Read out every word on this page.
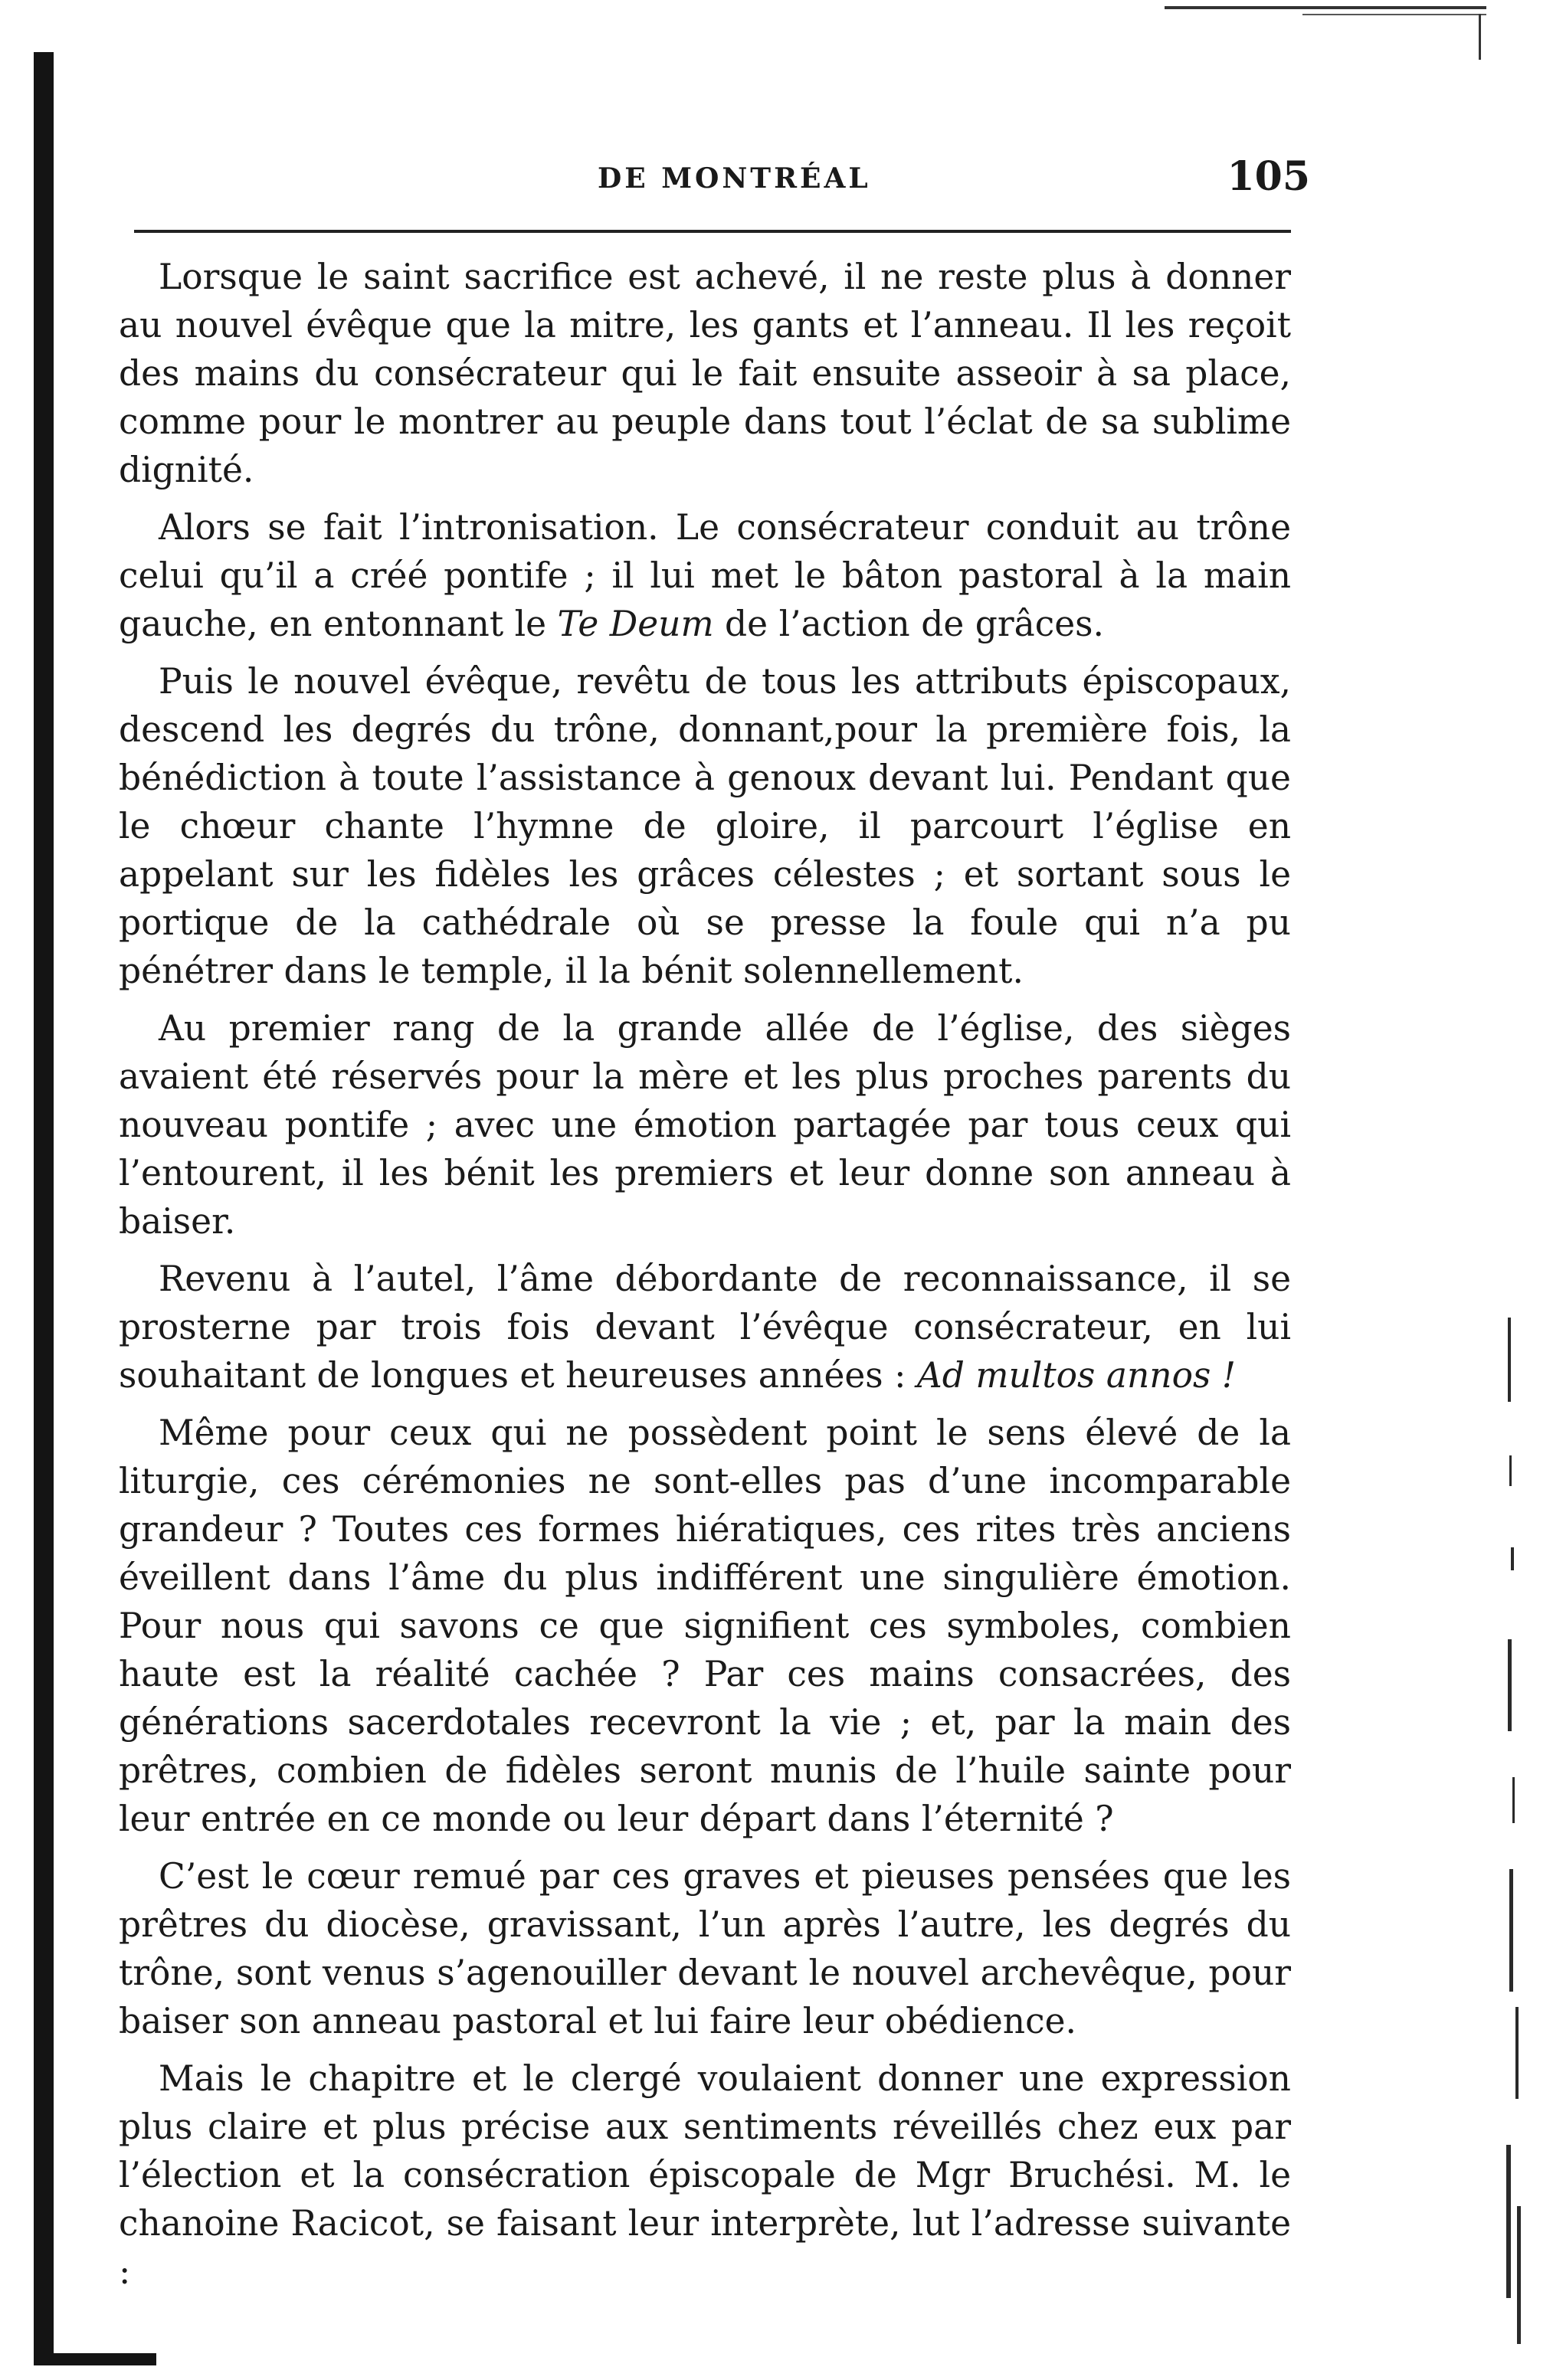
DE MONTRÉAL	105

Lorsque le saint sacrifice est achevé, il ne reste plus à donner au nouvel évêque que la mitre, les gants et l’anneau. Il les reçoit des mains du consécrateur qui le fait ensuite asseoir à sa place, comme pour le montrer au peuple dans tout l’éclat de sa sublime dignité.

Alors se fait l’intronisation. Le consécrateur conduit au trône celui qu’il a créé pontife ; il lui met le bâton pastoral à la main gauche, en entonnant le Te Deum de l’action de grâces.

Puis le nouvel évêque, revêtu de tous les attributs épiscopaux, descend les degrés du trône, donnant,pour la première fois, la bénédiction à toute l’assistance à genoux devant lui. Pendant que le chœur chante l’hymne de gloire, il parcourt l’église en appelant sur les fidèles les grâces célestes ; et sortant sous le portique de la cathédrale où se presse la foule qui n’a pu pénétrer dans le temple, il la bénit solennellement.

Au premier rang de la grande allée de l’église, des sièges avaient été réservés pour la mère et les plus proches parents du nouveau pontife ; avec une émotion partagée par tous ceux qui l’entourent, il les bénit les premiers et leur donne son anneau à baiser.

Revenu à l’autel, l’âme débordante de reconnaissance, il se prosterne par trois fois devant l’évêque consécrateur, en lui souhaitant de longues et heureuses années : Ad multos annos !

Même pour ceux qui ne possèdent point le sens élevé de la liturgie, ces cérémonies ne sont-elles pas d’une incomparable grandeur ? Toutes ces formes hiératiques, ces rites très anciens éveillent dans l’âme du plus indifférent une singulière émotion. Pour nous qui savons ce que signifient ces symboles, combien haute est la réalité cachée ? Par ces mains consacrées, des générations sacerdotales recevront la vie ; et, par la main des prêtres, combien de fidèles seront munis de l’huile sainte pour leur entrée en ce monde ou leur départ dans l’éternité ?

C’est le cœur remué par ces graves et pieuses pensées que les prêtres du diocèse, gravissant, l’un après l’autre, les degrés du trône, sont venus s’agenouiller devant le nouvel archevêque, pour baiser son anneau pastoral et lui faire leur obédience.

Mais le chapitre et le clergé voulaient donner une expression plus claire et plus précise aux sentiments réveillés chez eux par l’élection et la consécration épiscopale de Mgr Bruchési. M. le chanoine Racicot, se faisant leur interprète, lut l’adresse suivante :
